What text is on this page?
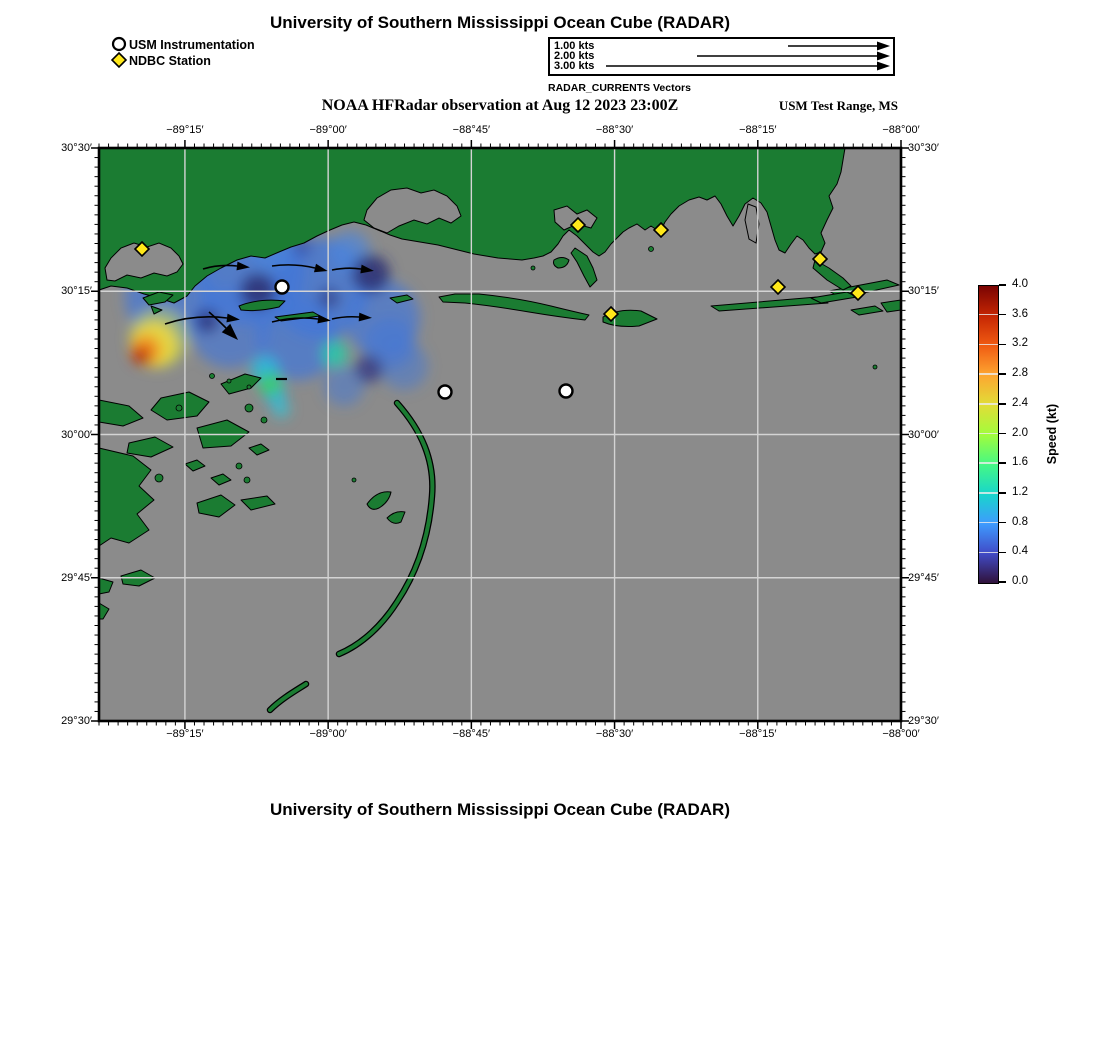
University of Southern Mississippi Ocean Cube (RADAR)
USM Instrumentation
NDBC Station
1.00 kts
2.00 kts
3.00 kts
RADAR_CURRENTS Vectors
NOAA HFRadar observation at Aug 12 2023 23:00Z	USM Test Range, MS
−89°15′
−89°15′
−89°00′
−89°00′
−88°45′
−88°45′
−88°30′
−88°30′
−88°15′
−88°15′
−88°00′
−88°00′
30°30′	30°30′
30°15′	30°15′
30°00′	30°00′
29°45′	29°45′
29°30′	29°30′
4.0
3.6
3.2
2.8
2.4
2.0
1.6
1.2
0.8
0.4
0.0
Speed (kt)
University of Southern Mississippi Ocean Cube (RADAR)
